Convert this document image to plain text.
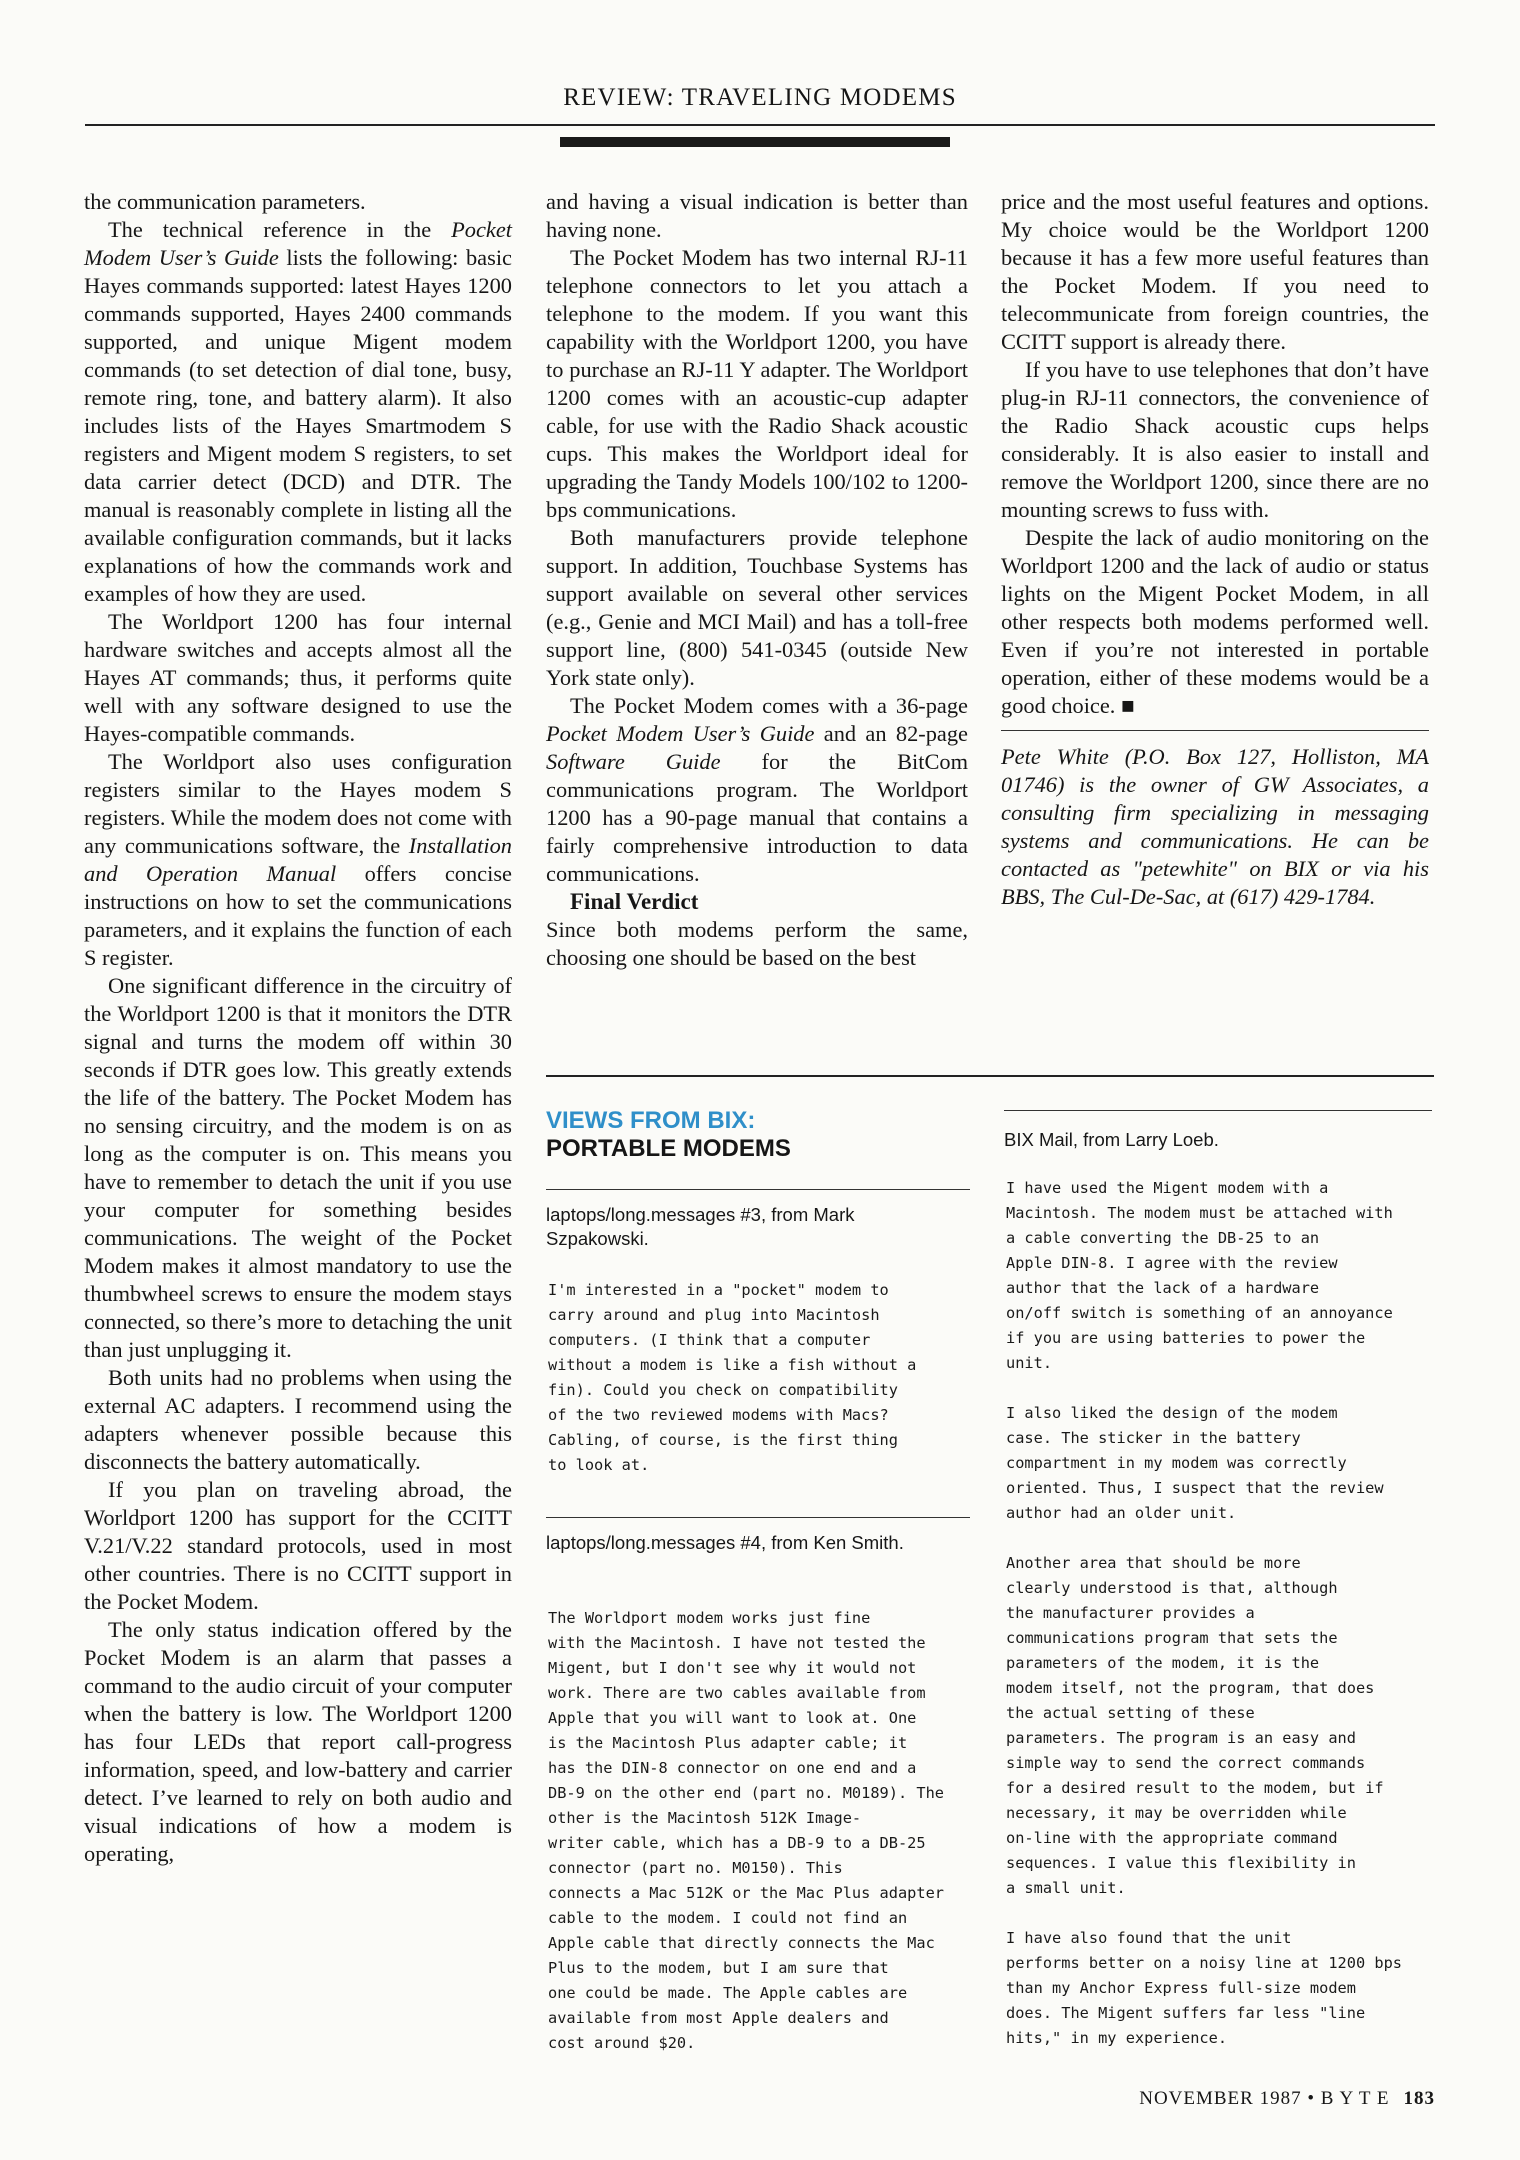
REVIEW: TRAVELING MODEMS

the communication parameters.

The technical reference in the Pocket Modem User’s Guide lists the following: basic Hayes commands supported: latest Hayes 1200 commands supported, Hayes 2400 commands supported, and unique Migent modem commands (to set detection of dial tone, busy, remote ring, tone, and battery alarm). It also includes lists of the Hayes Smartmodem S registers and Migent modem S registers, to set data carrier detect (DCD) and DTR. The manual is reasonably complete in listing all the available configuration commands, but it lacks explanations of how the commands work and examples of how they are used.

The Worldport 1200 has four internal hardware switches and accepts almost all the Hayes AT commands; thus, it performs quite well with any software designed to use the Hayes-compatible commands.

The Worldport also uses configuration registers similar to the Hayes modem S registers. While the modem does not come with any communications software, the Installation and Operation Manual offers concise instructions on how to set the communications parameters, and it explains the function of each S register.

One significant difference in the circuitry of the Worldport 1200 is that it monitors the DTR signal and turns the modem off within 30 seconds if DTR goes low. This greatly extends the life of the battery. The Pocket Modem has no sensing circuitry, and the modem is on as long as the computer is on. This means you have to remember to detach the unit if you use your computer for something besides communications. The weight of the Pocket Modem makes it almost mandatory to use the thumbwheel screws to ensure the modem stays connected, so there’s more to detaching the unit than just unplugging it.

Both units had no problems when using the external AC adapters. I recommend using the adapters whenever possible because this disconnects the battery automatically.

If you plan on traveling abroad, the Worldport 1200 has support for the CCITT V.21/V.22 standard protocols, used in most other countries. There is no CCITT support in the Pocket Modem.

The only status indication offered by the Pocket Modem is an alarm that passes a command to the audio circuit of your computer when the battery is low. The Worldport 1200 has four LEDs that report call-progress information, speed, and low-battery and carrier detect. I’ve learned to rely on both audio and visual indications of how a modem is operating,

and having a visual indication is better than having none.

The Pocket Modem has two internal RJ-11 telephone connectors to let you attach a telephone to the modem. If you want this capability with the Worldport 1200, you have to purchase an RJ-11 Y adapter. The Worldport 1200 comes with an acoustic-cup adapter cable, for use with the Radio Shack acoustic cups. This makes the Worldport ideal for upgrading the Tandy Models 100/102 to 1200-bps communications.

Both manufacturers provide telephone support. In addition, Touchbase Systems has support available on several other services (e.g., Genie and MCI Mail) and has a toll-free support line, (800) 541-0345 (outside New York state only).

The Pocket Modem comes with a 36-page Pocket Modem User’s Guide and an 82-page Software Guide for the BitCom communications program. The Worldport 1200 has a 90-page manual that contains a fairly comprehensive introduction to data communications.

Final Verdict

Since both modems perform the same, choosing one should be based on the best

price and the most useful features and options. My choice would be the Worldport 1200 because it has a few more useful features than the Pocket Modem. If you need to telecommunicate from foreign countries, the CCITT support is already there.

If you have to use telephones that don’t have plug-in RJ-11 connectors, the convenience of the Radio Shack acoustic cups helps considerably. It is also easier to install and remove the Worldport 1200, since there are no mounting screws to fuss with.

Despite the lack of audio monitoring on the Worldport 1200 and the lack of audio or status lights on the Migent Pocket Modem, in all other respects both modems performed well. Even if you’re not interested in portable operation, either of these modems would be a good choice. ■

Pete White (P.O. Box 127, Holliston, MA 01746) is the owner of GW Associates, a consulting firm specializing in messaging systems and communications. He can be contacted as "petewhite" on BIX or via his BBS, The Cul-De-Sac, at (617) 429-1784.

VIEWS FROM BIX:
PORTABLE MODEMS
laptops/long.messages #3, from Mark Szpakowski.
I'm interested in a "pocket" modem to
carry around and plug into Macintosh
computers. (I think that a computer
without a modem is like a fish without a
fin). Could you check on compatibility
of the two reviewed modems with Macs?
Cabling, of course, is the first thing
to look at.
laptops/long.messages #4, from Ken Smith.
The Worldport modem works just fine
with the Macintosh. I have not tested the
Migent, but I don't see why it would not
work. There are two cables available from
Apple that you will want to look at. One
is the Macintosh Plus adapter cable; it
has the DIN-8 connector on one end and a
DB-9 on the other end (part no. M0189). The
other is the Macintosh 512K Image-
writer cable, which has a DB-9 to a DB-25
connector (part no. M0150). This
connects a Mac 512K or the Mac Plus adapter
cable to the modem. I could not find an
Apple cable that directly connects the Mac
Plus to the modem, but I am sure that
one could be made. The Apple cables are
available from most Apple dealers and
cost around $20.
BIX Mail, from Larry Loeb.
I have used the Migent modem with a
Macintosh. The modem must be attached with
a cable converting the DB-25 to an
Apple DIN-8. I agree with the review
author that the lack of a hardware
on/off switch is something of an annoyance
if you are using batteries to power the
unit.

I also liked the design of the modem
case. The sticker in the battery
compartment in my modem was correctly
oriented. Thus, I suspect that the review
author had an older unit.

Another area that should be more
clearly understood is that, although
the manufacturer provides a
communications program that sets the
parameters of the modem, it is the
modem itself, not the program, that does
the actual setting of these
parameters. The program is an easy and
simple way to send the correct commands
for a desired result to the modem, but if
necessary, it may be overridden while
on-line with the appropriate command
sequences. I value this flexibility in
a small unit.

I have also found that the unit
performs better on a noisy line at 1200 bps
than my Anchor Express full-size modem
does. The Migent suffers far less "line
hits," in my experience.
NOVEMBER 1987 • B Y T E 183
